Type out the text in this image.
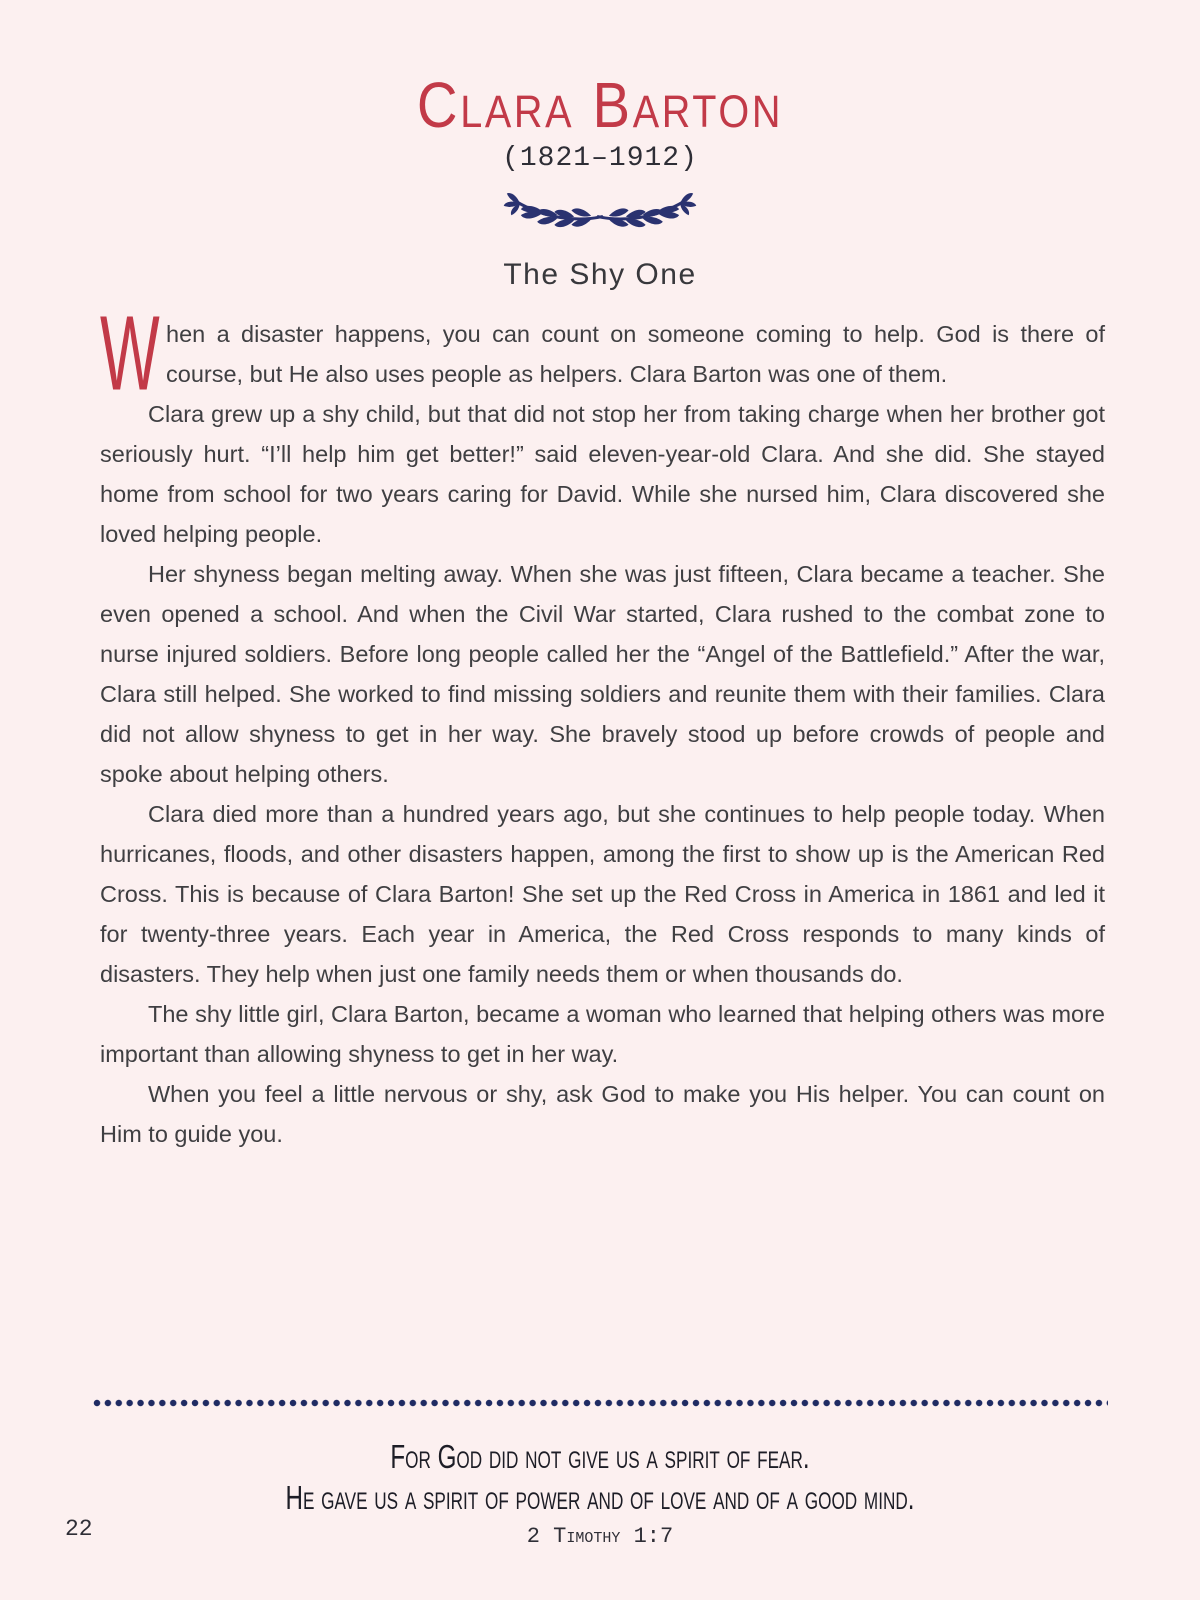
Clara Barton
(1821–1912)
The Shy One

W hen a disaster happens, you can count on someone coming to help. God is there of course, but He also uses people as helpers. Clara Barton was one of them.

Clara grew up a shy child, but that did not stop her from taking charge when her brother got seriously hurt. “I’ll help him get better!” said eleven-year-old Clara. And she did. She stayed home from school for two years caring for David. While she nursed him, Clara discovered she loved helping people.

Her shyness began melting away. When she was just fifteen, Clara became a teacher. She even opened a school. And when the Civil War started, Clara rushed to the combat zone to nurse injured soldiers. Before long people called her the “Angel of the Battlefield.” After the war, Clara still helped. She worked to find missing soldiers and reunite them with their families. Clara did not allow shyness to get in her way. She bravely stood up before crowds of people and spoke about helping others.

Clara died more than a hundred years ago, but she continues to help people today. When hurricanes, floods, and other disasters happen, among the first to show up is the American Red Cross. This is because of Clara Barton! She set up the Red Cross in America in 1861 and led it for twenty-three years. Each year in America, the Red Cross responds to many kinds of disasters. They help when just one family needs them or when thousands do.

The shy little girl, Clara Barton, became a woman who learned that helping others was more important than allowing shyness to get in her way.

When you feel a little nervous or shy, ask God to make you His helper. You can count on Him to guide you.

For God did not give us a spirit of fear.
He gave us a spirit of power and of love and of a good mind.
2 Timothy 1:7
22
